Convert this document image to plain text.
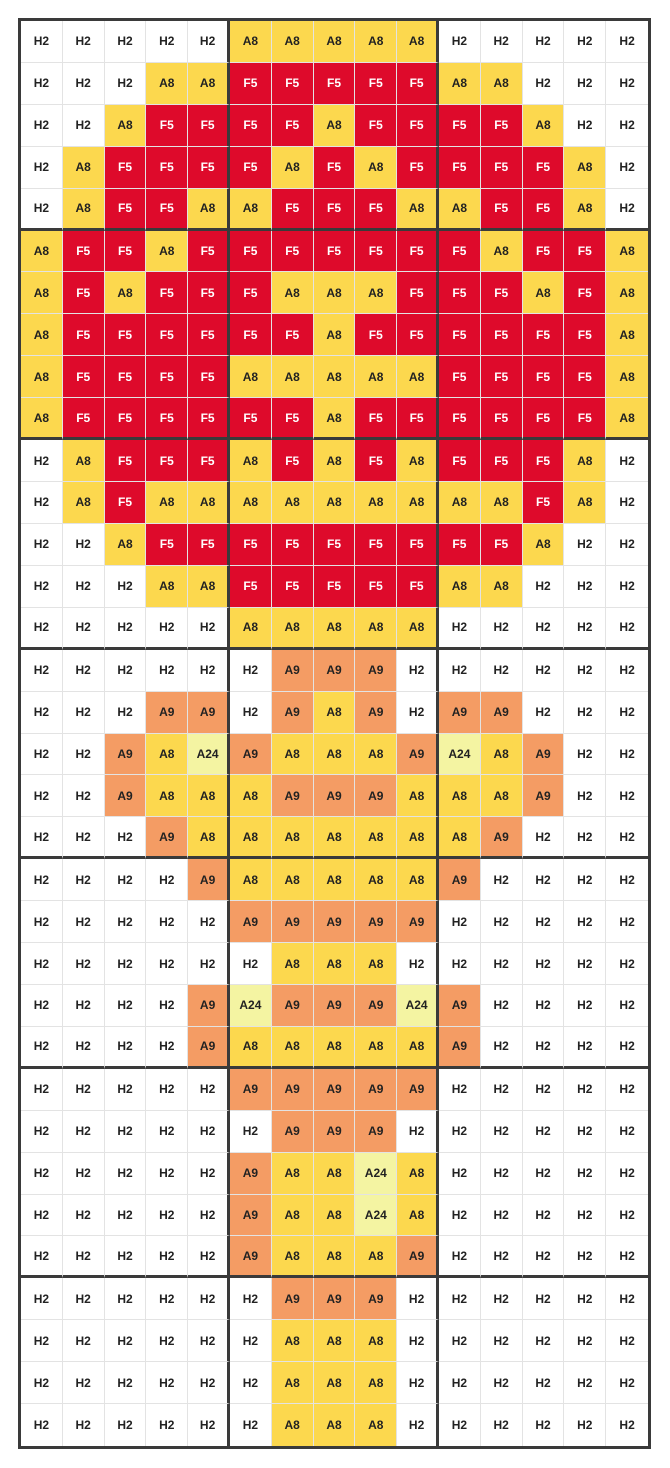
H2	H2	H2	H2	H2	A8	A8	A8	A8	A8	H2	H2	H2	H2	H2
H2	H2	H2	A8	A8	F5	F5	F5	F5	F5	A8	A8	H2	H2	H2
H2	H2	A8	F5	F5	F5	F5	A8	F5	F5	F5	F5	A8	H2	H2
H2	A8	F5	F5	F5	F5	A8	F5	A8	F5	F5	F5	F5	A8	H2
H2	A8	F5	F5	A8	A8	F5	F5	F5	A8	A8	F5	F5	A8	H2
A8	F5	F5	A8	F5	F5	F5	F5	F5	F5	F5	A8	F5	F5	A8
A8	F5	A8	F5	F5	F5	A8	A8	A8	F5	F5	F5	A8	F5	A8
A8	F5	F5	F5	F5	F5	F5	A8	F5	F5	F5	F5	F5	F5	A8
A8	F5	F5	F5	F5	A8	A8	A8	A8	A8	F5	F5	F5	F5	A8
A8	F5	F5	F5	F5	F5	F5	A8	F5	F5	F5	F5	F5	F5	A8
H2	A8	F5	F5	F5	A8	F5	A8	F5	A8	F5	F5	F5	A8	H2
H2	A8	F5	A8	A8	A8	A8	A8	A8	A8	A8	A8	F5	A8	H2
H2	H2	A8	F5	F5	F5	F5	F5	F5	F5	F5	F5	A8	H2	H2
H2	H2	H2	A8	A8	F5	F5	F5	F5	F5	A8	A8	H2	H2	H2
H2	H2	H2	H2	H2	A8	A8	A8	A8	A8	H2	H2	H2	H2	H2
H2	H2	H2	H2	H2	H2	A9	A9	A9	H2	H2	H2	H2	H2	H2
H2	H2	H2	A9	A9	H2	A9	A8	A9	H2	A9	A9	H2	H2	H2
H2	H2	A9	A8	A24	A9	A8	A8	A8	A9	A24	A8	A9	H2	H2
H2	H2	A9	A8	A8	A8	A9	A9	A9	A8	A8	A8	A9	H2	H2
H2	H2	H2	A9	A8	A8	A8	A8	A8	A8	A8	A9	H2	H2	H2
H2	H2	H2	H2	A9	A8	A8	A8	A8	A8	A9	H2	H2	H2	H2
H2	H2	H2	H2	H2	A9	A9	A9	A9	A9	H2	H2	H2	H2	H2
H2	H2	H2	H2	H2	H2	A8	A8	A8	H2	H2	H2	H2	H2	H2
H2	H2	H2	H2	A9	A24	A9	A9	A9	A24	A9	H2	H2	H2	H2
H2	H2	H2	H2	A9	A8	A8	A8	A8	A8	A9	H2	H2	H2	H2
H2	H2	H2	H2	H2	A9	A9	A9	A9	A9	H2	H2	H2	H2	H2
H2	H2	H2	H2	H2	H2	A9	A9	A9	H2	H2	H2	H2	H2	H2
H2	H2	H2	H2	H2	A9	A8	A8	A24	A8	H2	H2	H2	H2	H2
H2	H2	H2	H2	H2	A9	A8	A8	A24	A8	H2	H2	H2	H2	H2
H2	H2	H2	H2	H2	A9	A8	A8	A8	A9	H2	H2	H2	H2	H2
H2	H2	H2	H2	H2	H2	A9	A9	A9	H2	H2	H2	H2	H2	H2
H2	H2	H2	H2	H2	H2	A8	A8	A8	H2	H2	H2	H2	H2	H2
H2	H2	H2	H2	H2	H2	A8	A8	A8	H2	H2	H2	H2	H2	H2
H2	H2	H2	H2	H2	H2	A8	A8	A8	H2	H2	H2	H2	H2	H2
